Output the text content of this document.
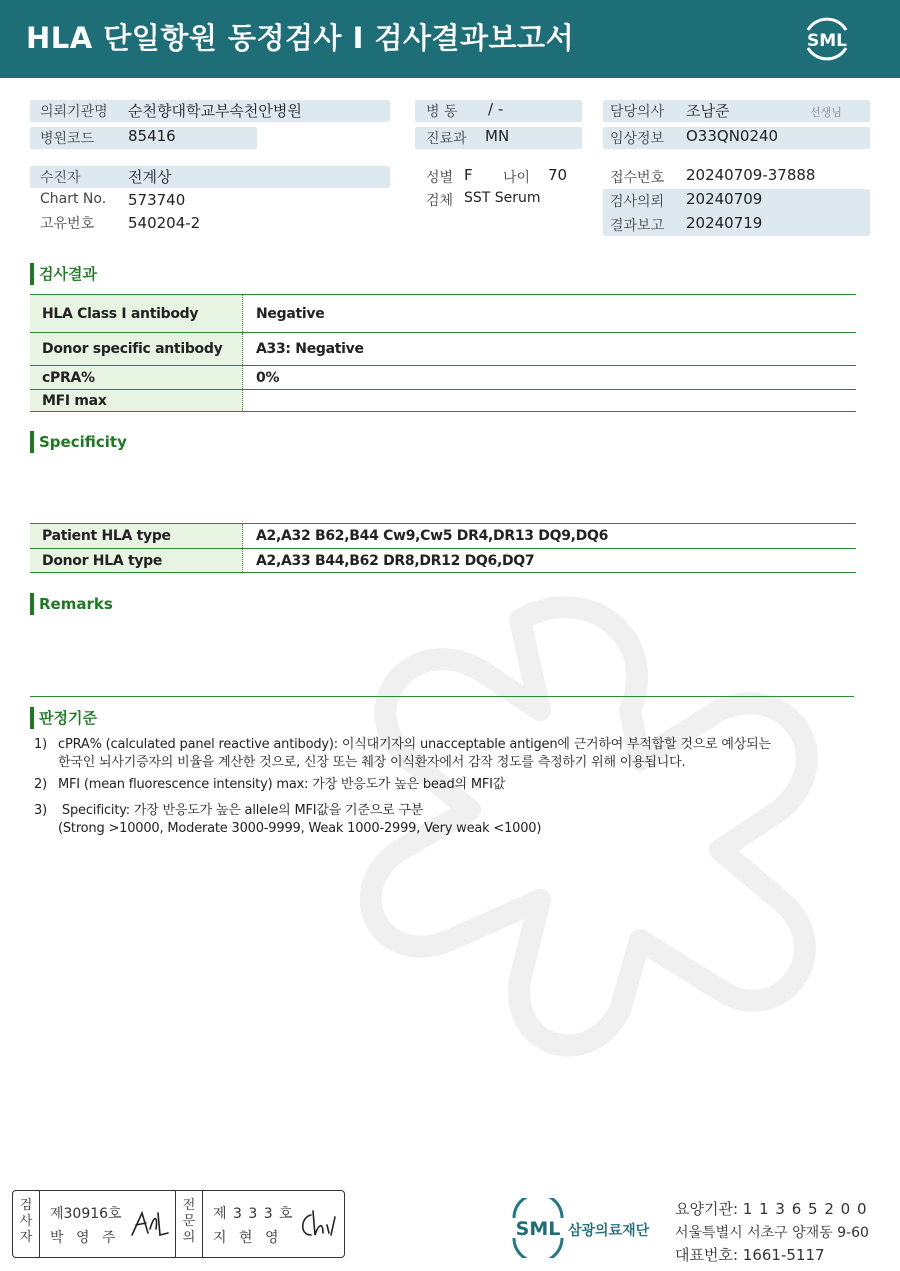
HLA 단일항원 동정검사 I 검사결과보고서	SML
의뢰기관명 순천향대학교부속천안병원
병원코드 85416
병 동 / -
진료과 MN
담당의사 조남준	선생님
임상정보 O33QN0240
수진자	전계상
Chart No. 573740
고유번호 540204-2
성별 F 나이 70
검체 SST Serum
접수번호 20240709-37888
검사의뢰 20240709
결과보고 20240719
검사결과
HLA Class I antibody	Negative
Donor specific antibody	A33: Negative
cPRA%	0%
MFI max
Specificity
Patient HLA type	A2,A32 B62,B44 Cw9,Cw5 DR4,DR13 DQ9,DQ6
Donor HLA type	A2,A33 B44,B62 DR8,DR12 DQ6,DQ7
Remarks
판정기준
1) cPRA% (calculated panel reactive antibody): 이식대기자의 unacceptable antigen에 근거하여 부적합할 것으로 예상되는
한국인 뇌사기증자의 비율을 계산한 것으로, 신장 또는 췌장 이식환자에서 감작 정도를 측정하기 위해 이용됩니다.
2) MFI (mean fluorescence intensity) max: 가장 반응도가 높은 bead의 MFI값
3) Specificity: 가장 반응도가 높은 allele의 MFI값을 기준으로 구분
(Strong >10000, Moderate 3000-9999, Weak 1000-2999, Very weak <1000)
검사자
제30916호
박 영 주
전문의
제 3 3 3 호
지 현 영	SML 삼광의료재단
요양기관: 1 1 3 6 5 2 0 0
서울특별시 서초구 양재동 9-60
대표번호: 1661-5117
